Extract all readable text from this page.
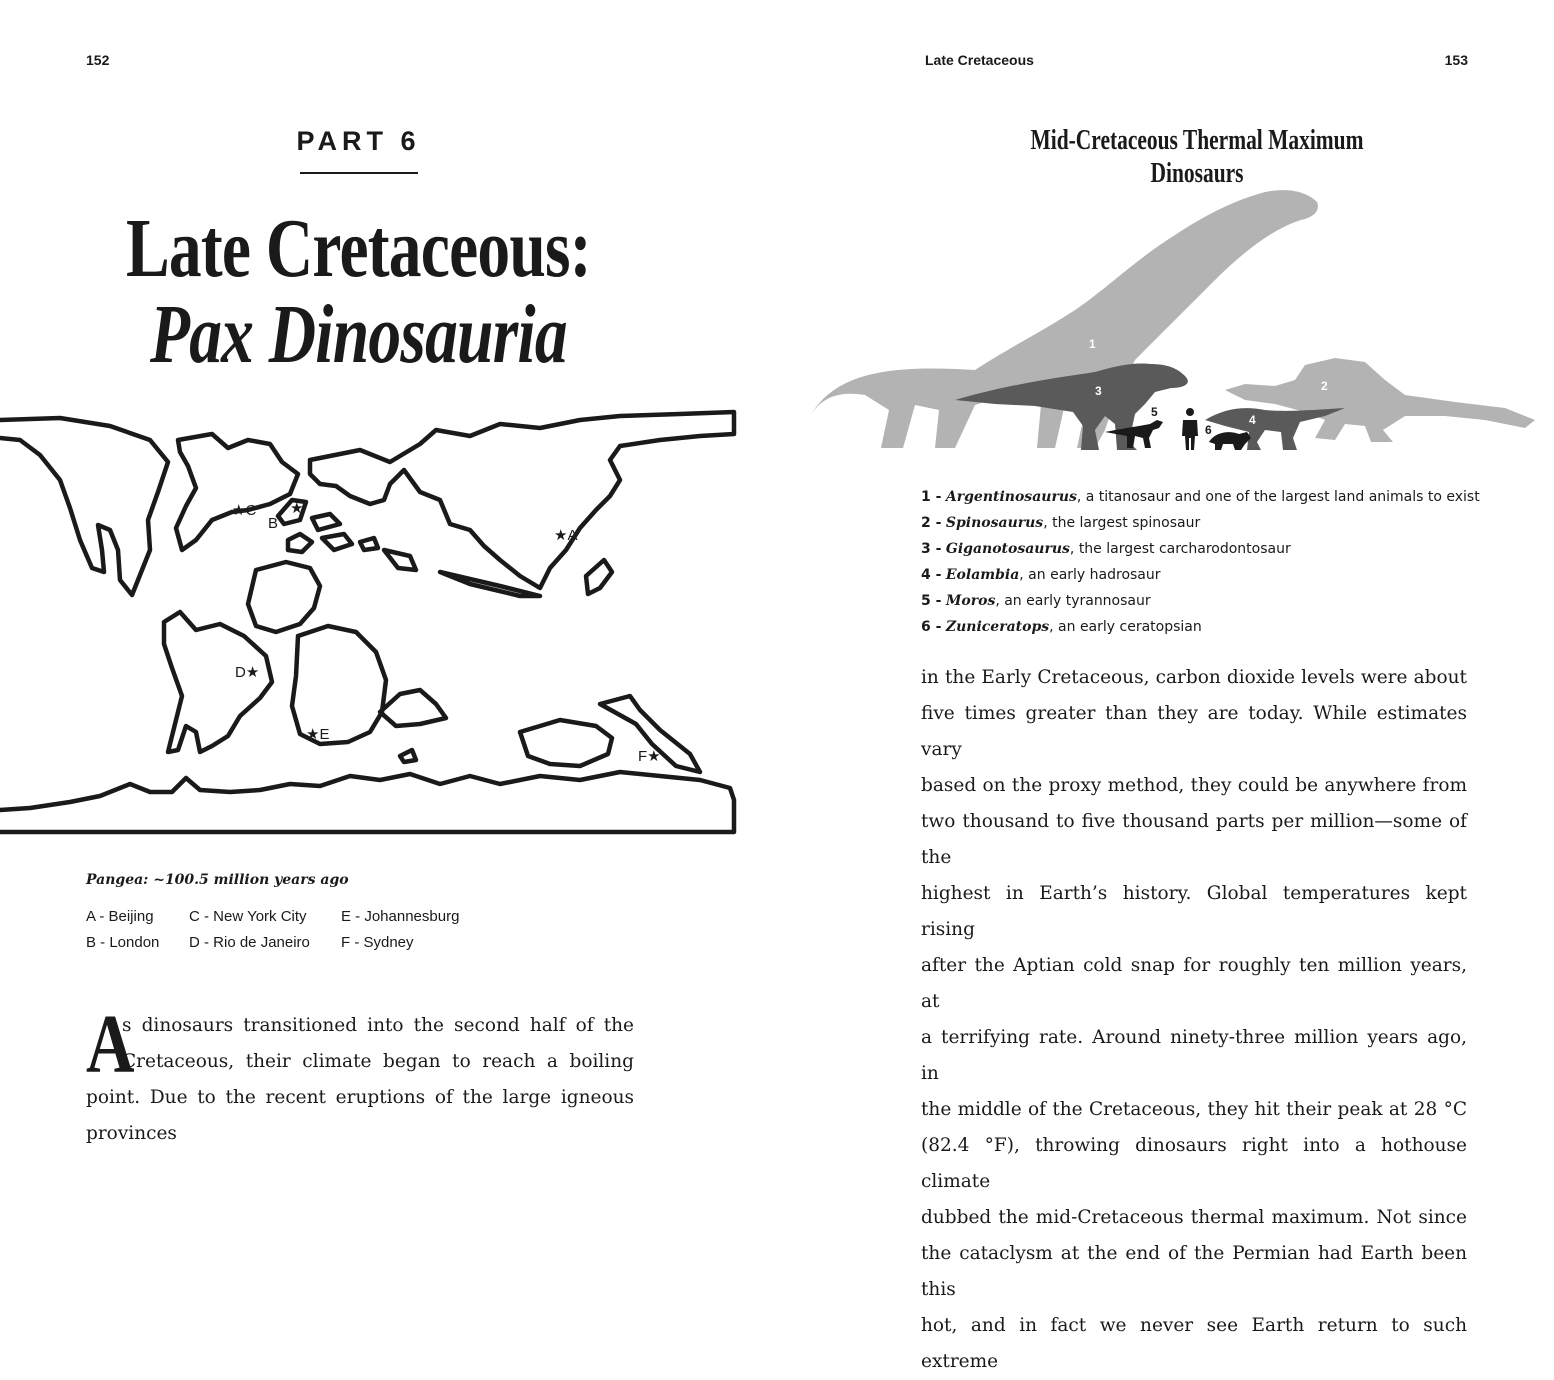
152
PART 6
Late Cretaceous:
Pax Dinosauria
★C
B
★
★A
D★
★E
F★
Pangea: ~100.5 million years ago
A - Beijing
B - London
C - New York City
D - Rio de Janeiro
E - Johannesburg
F - Sydney
A
s dinosaurs transitioned into the second half of the Cretaceous, their climate began to reach a boiling point. Due to the recent eruptions of the large igneous provinces
Late Cretaceous	153
Mid-Cretaceous Thermal Maximum Dinosaurs
1
2
3
4
5
6
1 - Argentinosaurus, a titanosaur and one of the largest land animals to exist
2 - Spinosaurus, the largest spinosaur
3 - Giganotosaurus, the largest carcharodontosaur
4 - Eolambia, an early hadrosaur
5 - Moros, an early tyrannosaur
6 - Zuniceratops, an early ceratopsian
in the Early Cretaceous, carbon dioxide levels were about
five times greater than they are today. While estimates vary
based on the proxy method, they could be anywhere from
two thousand to five thousand parts per million—some of the
highest in Earth’s history. Global temperatures kept rising
after the Aptian cold snap for roughly ten million years, at
a terrifying rate. Around ninety-three million years ago, in
the middle of the Cretaceous, they hit their peak at 28 °C
(82.4 °F), throwing dinosaurs right into a hothouse climate
dubbed the mid-Cretaceous thermal maximum. Not since
the cataclysm at the end of the Permian had Earth been this
hot, and in fact we never see Earth return to such extreme
